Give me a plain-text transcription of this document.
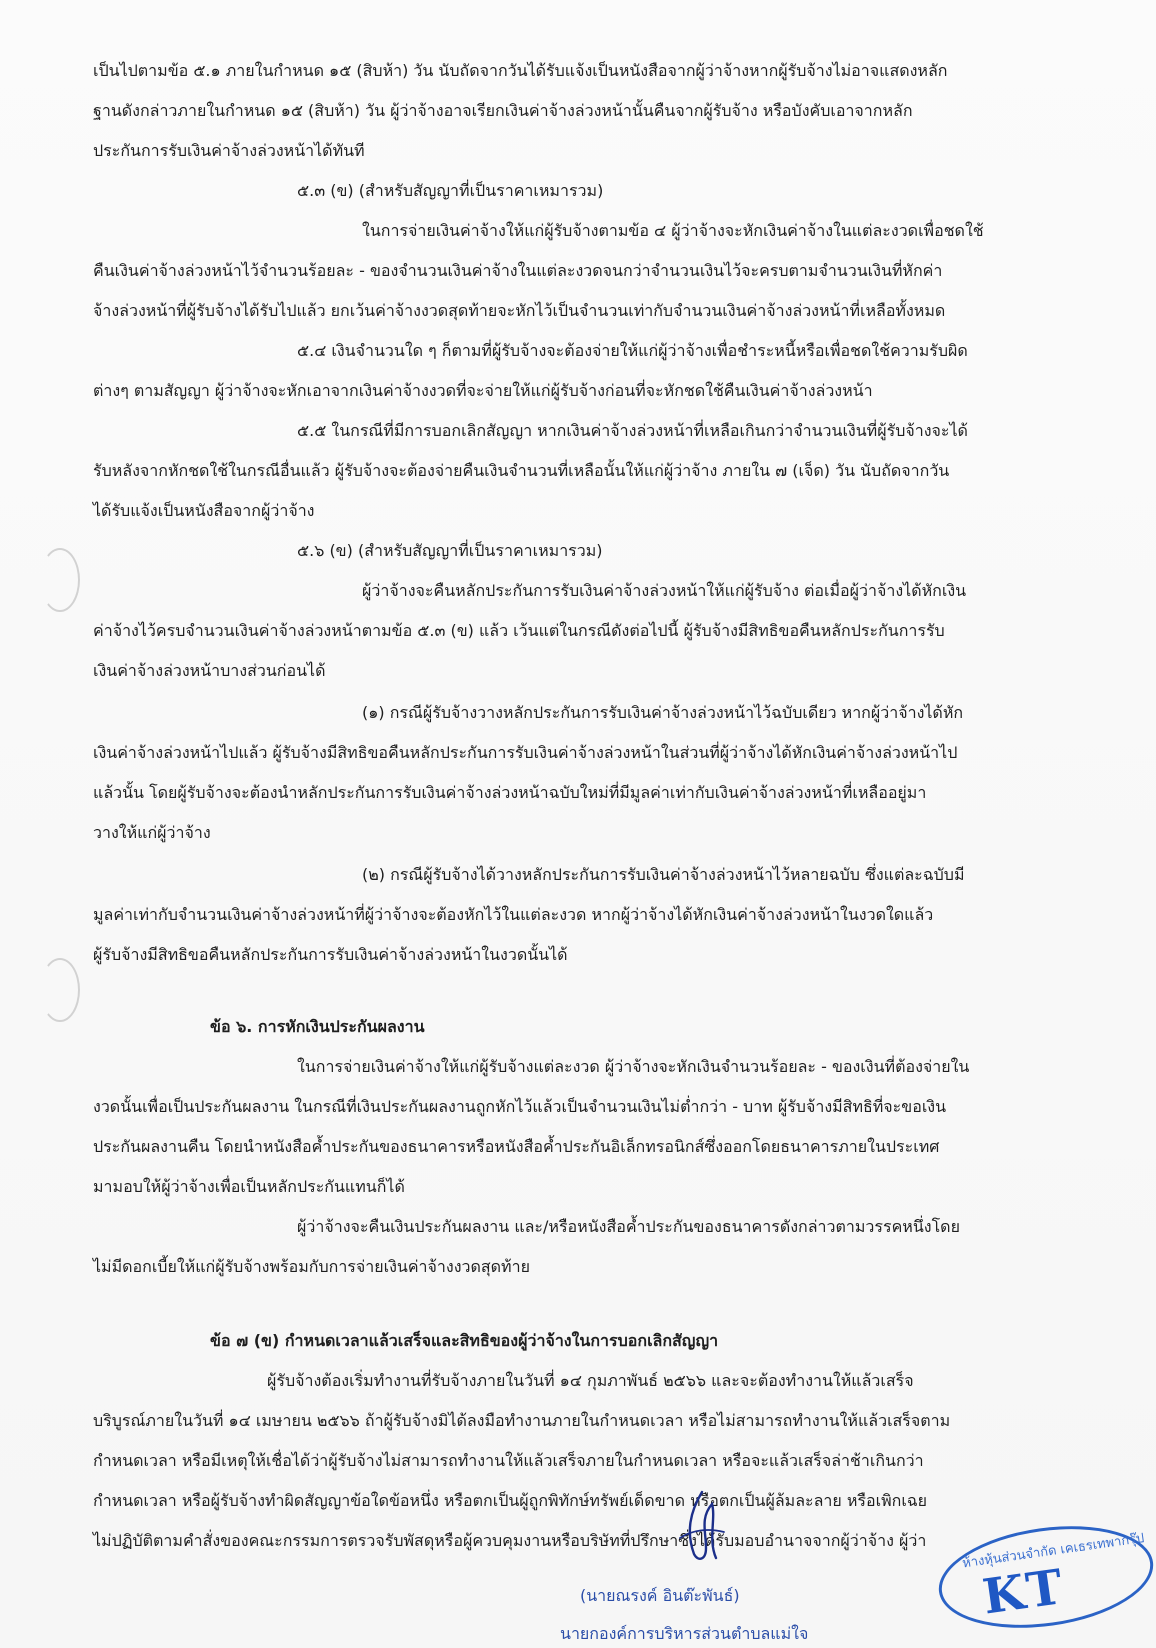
เป็นไปตามข้อ ๕.๑ ภายในกำหนด ๑๕ (สิบห้า) วัน นับถัดจากวันได้รับแจ้งเป็นหนังสือจากผู้ว่าจ้างหากผู้รับจ้างไม่อาจแสดงหลัก
ฐานดังกล่าวภายในกำหนด ๑๕ (สิบห้า) วัน ผู้ว่าจ้างอาจเรียกเงินค่าจ้างล่วงหน้านั้นคืนจากผู้รับจ้าง หรือบังคับเอาจากหลัก
ประกันการรับเงินค่าจ้างล่วงหน้าได้ทันที
๕.๓ (ข) (สำหรับสัญญาที่เป็นราคาเหมารวม)
ในการจ่ายเงินค่าจ้างให้แก่ผู้รับจ้างตามข้อ ๔ ผู้ว่าจ้างจะหักเงินค่าจ้างในแต่ละงวดเพื่อชดใช้
คืนเงินค่าจ้างล่วงหน้าไว้จำนวนร้อยละ - ของจำนวนเงินค่าจ้างในแต่ละงวดจนกว่าจำนวนเงินไว้จะครบตามจำนวนเงินที่หักค่า
จ้างล่วงหน้าที่ผู้รับจ้างได้รับไปแล้ว ยกเว้นค่าจ้างงวดสุดท้ายจะหักไว้เป็นจำนวนเท่ากับจำนวนเงินค่าจ้างล่วงหน้าที่เหลือทั้งหมด
๕.๔ เงินจำนวนใด ๆ ก็ตามที่ผู้รับจ้างจะต้องจ่ายให้แก่ผู้ว่าจ้างเพื่อชำระหนี้หรือเพื่อชดใช้ความรับผิด
ต่างๆ ตามสัญญา ผู้ว่าจ้างจะหักเอาจากเงินค่าจ้างงวดที่จะจ่ายให้แก่ผู้รับจ้างก่อนที่จะหักชดใช้คืนเงินค่าจ้างล่วงหน้า
๕.๕ ในกรณีที่มีการบอกเลิกสัญญา หากเงินค่าจ้างล่วงหน้าที่เหลือเกินกว่าจำนวนเงินที่ผู้รับจ้างจะได้
รับหลังจากหักชดใช้ในกรณีอื่นแล้ว ผู้รับจ้างจะต้องจ่ายคืนเงินจำนวนที่เหลือนั้นให้แก่ผู้ว่าจ้าง ภายใน ๗ (เจ็ด) วัน นับถัดจากวัน
ได้รับแจ้งเป็นหนังสือจากผู้ว่าจ้าง
๕.๖ (ข) (สำหรับสัญญาที่เป็นราคาเหมารวม)
ผู้ว่าจ้างจะคืนหลักประกันการรับเงินค่าจ้างล่วงหน้าให้แก่ผู้รับจ้าง ต่อเมื่อผู้ว่าจ้างได้หักเงิน
ค่าจ้างไว้ครบจำนวนเงินค่าจ้างล่วงหน้าตามข้อ ๕.๓ (ข) แล้ว เว้นแต่ในกรณีดังต่อไปนี้ ผู้รับจ้างมีสิทธิขอคืนหลักประกันการรับ
เงินค่าจ้างล่วงหน้าบางส่วนก่อนได้
(๑) กรณีผู้รับจ้างวางหลักประกันการรับเงินค่าจ้างล่วงหน้าไว้ฉบับเดียว หากผู้ว่าจ้างได้หัก
เงินค่าจ้างล่วงหน้าไปแล้ว ผู้รับจ้างมีสิทธิขอคืนหลักประกันการรับเงินค่าจ้างล่วงหน้าในส่วนที่ผู้ว่าจ้างได้หักเงินค่าจ้างล่วงหน้าไป
แล้วนั้น โดยผู้รับจ้างจะต้องนำหลักประกันการรับเงินค่าจ้างล่วงหน้าฉบับใหม่ที่มีมูลค่าเท่ากับเงินค่าจ้างล่วงหน้าที่เหลืออยู่มา
วางให้แก่ผู้ว่าจ้าง
(๒) กรณีผู้รับจ้างได้วางหลักประกันการรับเงินค่าจ้างล่วงหน้าไว้หลายฉบับ ซึ่งแต่ละฉบับมี
มูลค่าเท่ากับจำนวนเงินค่าจ้างล่วงหน้าที่ผู้ว่าจ้างจะต้องหักไว้ในแต่ละงวด หากผู้ว่าจ้างได้หักเงินค่าจ้างล่วงหน้าในงวดใดแล้ว
ผู้รับจ้างมีสิทธิขอคืนหลักประกันการรับเงินค่าจ้างล่วงหน้าในงวดนั้นได้
ข้อ ๖. การหักเงินประกันผลงาน
ในการจ่ายเงินค่าจ้างให้แก่ผู้รับจ้างแต่ละงวด ผู้ว่าจ้างจะหักเงินจำนวนร้อยละ - ของเงินที่ต้องจ่ายใน
งวดนั้นเพื่อเป็นประกันผลงาน ในกรณีที่เงินประกันผลงานถูกหักไว้แล้วเป็นจำนวนเงินไม่ต่ำกว่า - บาท ผู้รับจ้างมีสิทธิที่จะขอเงิน
ประกันผลงานคืน โดยนำหนังสือค้ำประกันของธนาคารหรือหนังสือค้ำประกันอิเล็กทรอนิกส์ซึ่งออกโดยธนาคารภายในประเทศ
มามอบให้ผู้ว่าจ้างเพื่อเป็นหลักประกันแทนก็ได้
ผู้ว่าจ้างจะคืนเงินประกันผลงาน และ/หรือหนังสือค้ำประกันของธนาคารดังกล่าวตามวรรคหนึ่งโดย
ไม่มีดอกเบี้ยให้แก่ผู้รับจ้างพร้อมกับการจ่ายเงินค่าจ้างงวดสุดท้าย
ข้อ ๗ (ข) กำหนดเวลาแล้วเสร็จและสิทธิของผู้ว่าจ้างในการบอกเลิกสัญญา
ผู้รับจ้างต้องเริ่มทำงานที่รับจ้างภายในวันที่ ๑๔ กุมภาพันธ์ ๒๕๖๖ และจะต้องทำงานให้แล้วเสร็จ
บริบูรณ์ภายในวันที่ ๑๔ เมษายน ๒๕๖๖ ถ้าผู้รับจ้างมิได้ลงมือทำงานภายในกำหนดเวลา หรือไม่สามารถทำงานให้แล้วเสร็จตาม
กำหนดเวลา หรือมีเหตุให้เชื่อได้ว่าผู้รับจ้างไม่สามารถทำงานให้แล้วเสร็จภายในกำหนดเวลา หรือจะแล้วเสร็จล่าช้าเกินกว่า
กำหนดเวลา หรือผู้รับจ้างทำผิดสัญญาข้อใดข้อหนึ่ง หรือตกเป็นผู้ถูกพิทักษ์ทรัพย์เด็ดขาด หรือตกเป็นผู้ล้มละลาย หรือเพิกเฉย
ไม่ปฏิบัติตามคำสั่งของคณะกรรมการตรวจรับพัสดุหรือผู้ควบคุมงานหรือบริษัทที่ปรึกษาซึ่งได้รับมอบอำนาจจากผู้ว่าจ้าง ผู้ว่า	ห้างหุ้นส่วนจำกัด เคเธรเทพากรุ๊ป
KT
(นายณรงค์ อินต๊ะพันธ์)
นายกองค์การบริหารส่วนตำบลแม่ใจ
